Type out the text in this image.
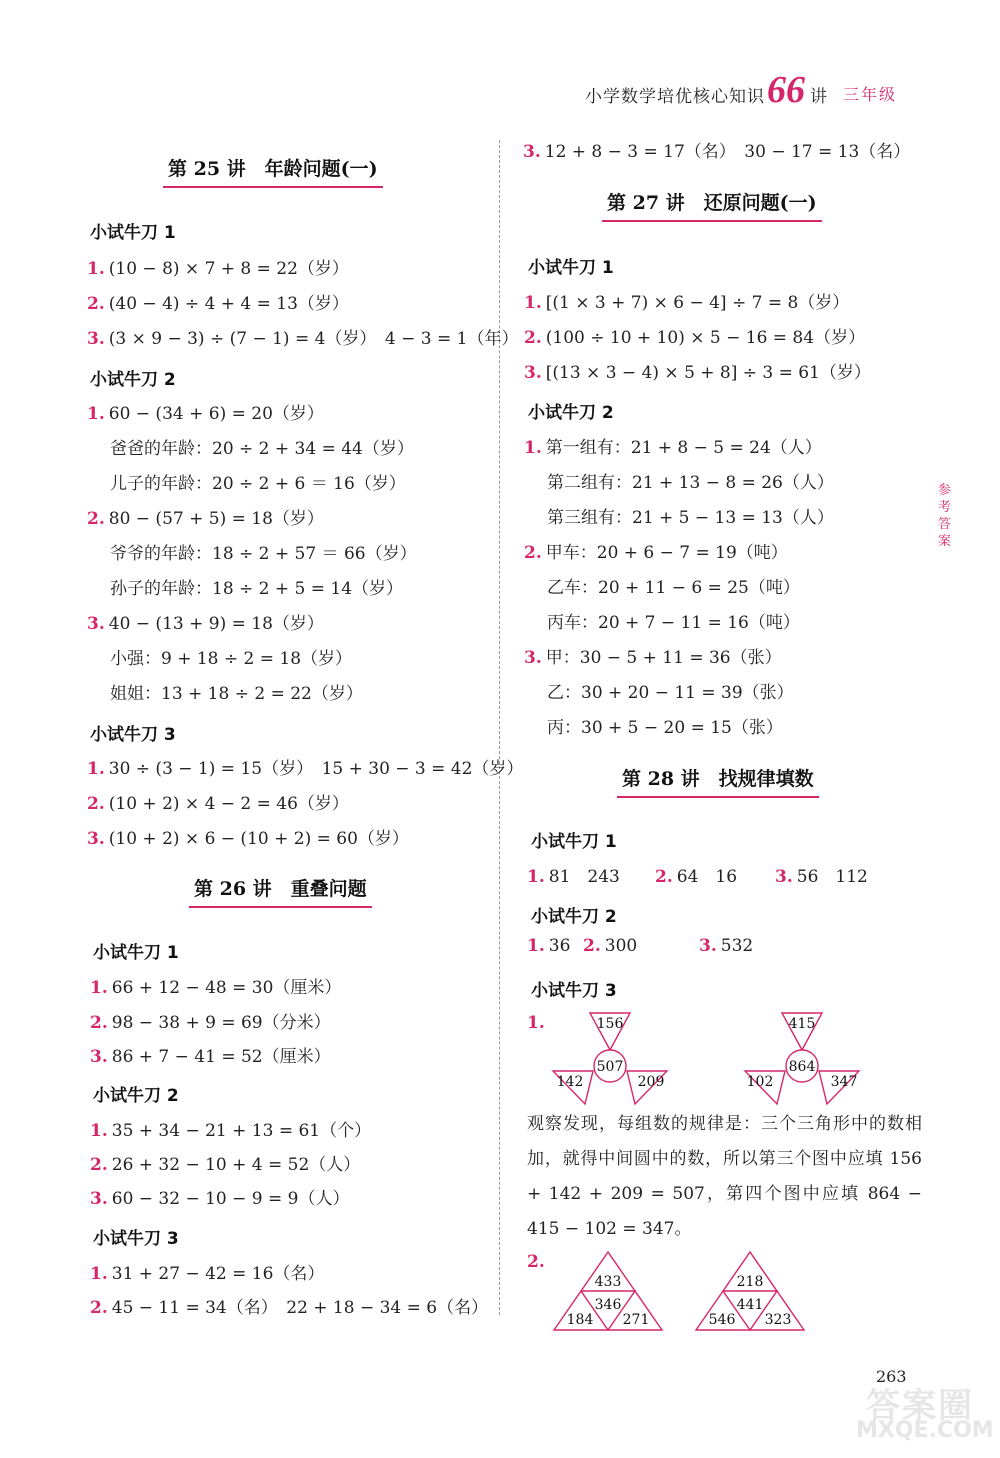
小学数学培优核心知识 66 讲 三年级
参考答案
第 25 讲　年龄问题(一)
小试牛刀 1
1. (10 − 8) × 7 + 8 = 22（岁）
2. (40 − 4) ÷ 4 + 4 = 13（岁）
3. (3 × 9 − 3) ÷ (7 − 1) = 4（岁）　4 − 3 = 1（年）
小试牛刀 2
1. 60 − (34 + 6) = 20（岁）
爸爸的年龄：20 ÷ 2 + 34 = 44（岁）
儿子的年龄：20 ÷ 2 + 6 ＝ 16（岁）
2. 80 − (57 + 5) = 18（岁）
爷爷的年龄：18 ÷ 2 + 57 ＝ 66（岁）
孙子的年龄：18 ÷ 2 + 5 = 14（岁）
3. 40 − (13 + 9) = 18（岁）
小强：9 + 18 ÷ 2 = 18（岁）
姐姐：13 + 18 ÷ 2 = 22（岁）
小试牛刀 3
1. 30 ÷ (3 − 1) = 15（岁）　15 + 30 − 3 = 42（岁）
2. (10 + 2) × 4 − 2 = 46（岁）
3. (10 + 2) × 6 − (10 + 2) = 60（岁）
第 26 讲　重叠问题
小试牛刀 1
1. 66 + 12 − 48 = 30（厘米）
2. 98 − 38 + 9 = 69（分米）
3. 86 + 7 − 41 = 52（厘米）
小试牛刀 2
1. 35 + 34 − 21 + 13 = 61（个）
2. 26 + 32 − 10 + 4 = 52（人）
3. 60 − 32 − 10 − 9 = 9（人）
小试牛刀 3
1. 31 + 27 − 42 = 16（名）
2. 45 − 11 = 34（名）　22 + 18 − 34 = 6（名）
3. 12 + 8 − 3 = 17（名）　30 − 17 = 13（名）
第 27 讲　还原问题(一)
小试牛刀 1
1. [(1 × 3 + 7) × 6 − 4] ÷ 7 = 8（岁）
2. (100 ÷ 10 + 10) × 5 − 16 = 84（岁）
3. [(13 × 3 − 4) × 5 + 8] ÷ 3 = 61（岁）
小试牛刀 2
1. 第一组有：21 + 8 − 5 = 24（人）
第二组有：21 + 13 − 8 = 26（人）
第三组有：21 + 5 − 13 = 13（人）
2. 甲车：20 + 6 − 7 = 19（吨）
乙车：20 + 11 − 6 = 25（吨）
丙车：20 + 7 − 11 = 16（吨）
3. 甲：30 − 5 + 11 = 36（张）
乙：30 + 20 − 11 = 39（张）
丙：30 + 5 − 20 = 15（张）
第 28 讲　找规律填数
小试牛刀 1
1. 81　243 2. 64　16 3. 56　112
小试牛刀 2
1. 36 2. 300	3. 532
小试牛刀 3
1.	156
142	209
507
415
102	347
864
观察发现，每组数的规律是：三个三角形中的数相加，就得中间圆中的数，所以第三个图中应填 156 + 142 + 209 = 507，第四个图中应填 864 − 415 − 102 = 347。
2.
433
346
184 271
218
441
546 323
答案圈
MXQE.COM
263
